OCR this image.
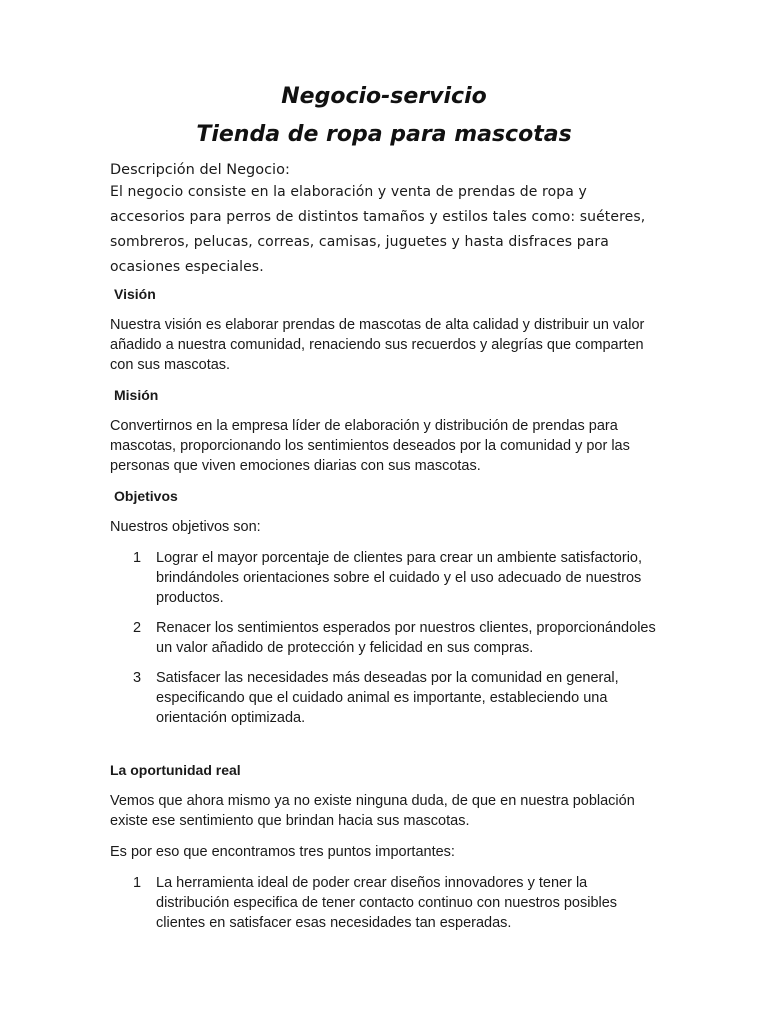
Negocio-servicio
Tienda de ropa para mascotas
Descripción del Negocio:

El negocio consiste en la elaboración y venta de prendas de ropa y accesorios para perros de distintos tamaños y estilos tales como: suéteres, sombreros, pelucas, correas, camisas, juguetes y hasta disfraces para ocasiones especiales.

Visión

Nuestra visión es elaborar prendas de mascotas de alta calidad y distribuir un valor añadido a nuestra comunidad, renaciendo sus recuerdos y alegrías que comparten con sus mascotas.

Misión

Convertirnos en la empresa líder de elaboración y distribución de prendas para mascotas, proporcionando los sentimientos deseados por la comunidad y por las personas que viven emociones diarias con sus mascotas.

Objetivos

Nuestros objetivos son:

1 Lograr el mayor porcentaje de clientes para crear un ambiente satisfactorio, brindándoles orientaciones sobre el cuidado y el uso adecuado de nuestros productos.
2 Renacer los sentimientos esperados por nuestros clientes, proporcionándoles un valor añadido de protección y felicidad en sus compras.
3 Satisfacer las necesidades más deseadas por la comunidad en general, especificando que el cuidado animal es importante, estableciendo una orientación optimizada.
La oportunidad real

Vemos que ahora mismo ya no existe ninguna duda, de que en nuestra población existe ese sentimiento que brindan hacia sus mascotas.

Es por eso que encontramos tres puntos importantes:

1 La herramienta ideal de poder crear diseños innovadores y tener la distribución especifica de tener contacto continuo con nuestros posibles clientes en satisfacer esas necesidades tan esperadas.
